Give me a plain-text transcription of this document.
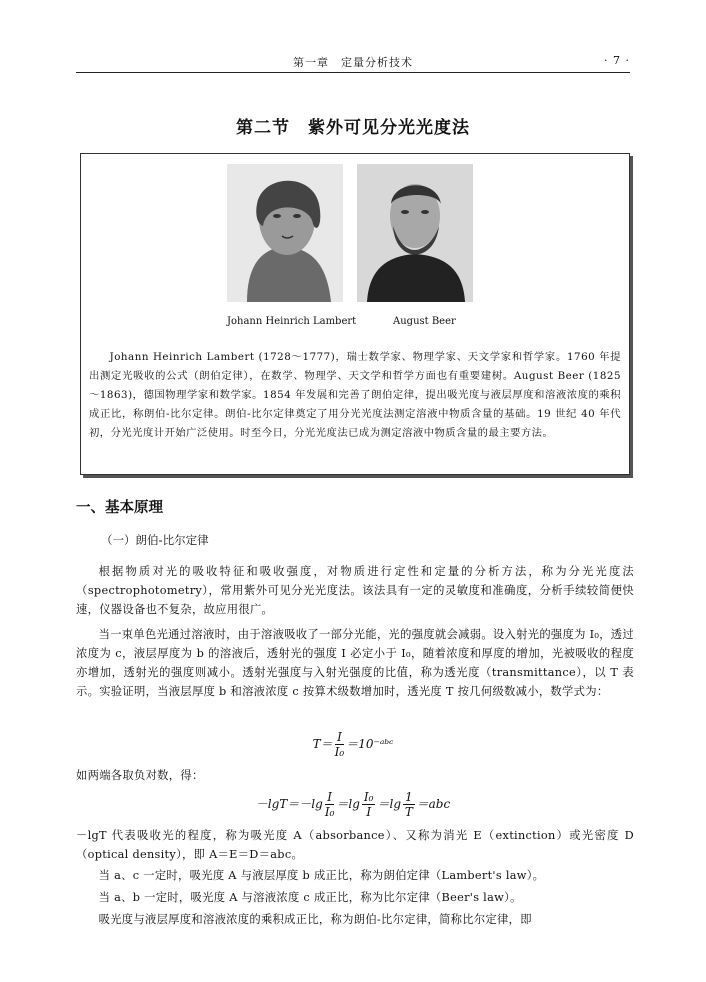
第一章　定量分析技术	· 7 ·
第二节　紫外可见分光光度法
Johann Heinrich Lambert	August Beer
Johann Heinrich Lambert (1728～1777)，瑞士数学家、物理学家、天文学家和哲学家。1760 年提出测定光吸收的公式（朗伯定律），在数学、物理学、天文学和哲学方面也有重要建树。August Beer (1825～1863)，德国物理学家和数学家。1854 年发展和完善了朗伯定律，提出吸光度与液层厚度和溶液浓度的乘积成正比，称朗伯-比尔定律。朗伯-比尔定律奠定了用分光光度法测定溶液中物质含量的基础。19 世纪 40 年代初，分光光度计开始广泛使用。时至今日，分光光度法已成为测定溶液中物质含量的最主要方法。
一、基本原理
（一）朗伯-比尔定律
根据物质对光的吸收特征和吸收强度，对物质进行定性和定量的分析方法，称为分光光度法（spectrophotometry），常用紫外可见分光光度法。该法具有一定的灵敏度和准确度，分析手续较简便快速，仪器设备也不复杂，故应用很广。
当一束单色光通过溶液时，由于溶液吸收了一部分光能，光的强度就会减弱。设入射光的强度为 I₀，透过浓度为 c，液层厚度为 b 的溶液后，透射光的强度 I 必定小于 I₀，随着浓度和厚度的增加，光被吸收的程度亦增加，透射光的强度则减小。透射光强度与入射光强度的比值，称为透光度（transmittance），以 T 表示。实验证明，当液层厚度 b 和溶液浓度 c 按算术级数增加时，透光度 T 按几何级数减小，数学式为：
$T= \frac{I}{\text{I₀}}$ ＝10⁻ᵃᵇᶜ
如两端各取负对数，得：
$-\lg T=-\lg \frac{I}{\text{I₀}} =\lg \frac{\text{I₀}}{I} =\lg \frac{1}{T} =abc$
－lgT 代表吸收光的程度，称为吸光度 A（absorbance）、又称为消光 E（extinction）或光密度 D（optical density），即 A＝E＝D＝abc。
当 a、c 一定时，吸光度 A 与液层厚度 b 成正比，称为朗伯定律（Lambert's law）。
当 a、b 一定时，吸光度 A 与溶液浓度 c 成正比，称为比尔定律（Beer's law）。
吸光度与液层厚度和溶液浓度的乘积成正比，称为朗伯-比尔定律，简称比尔定律，即
